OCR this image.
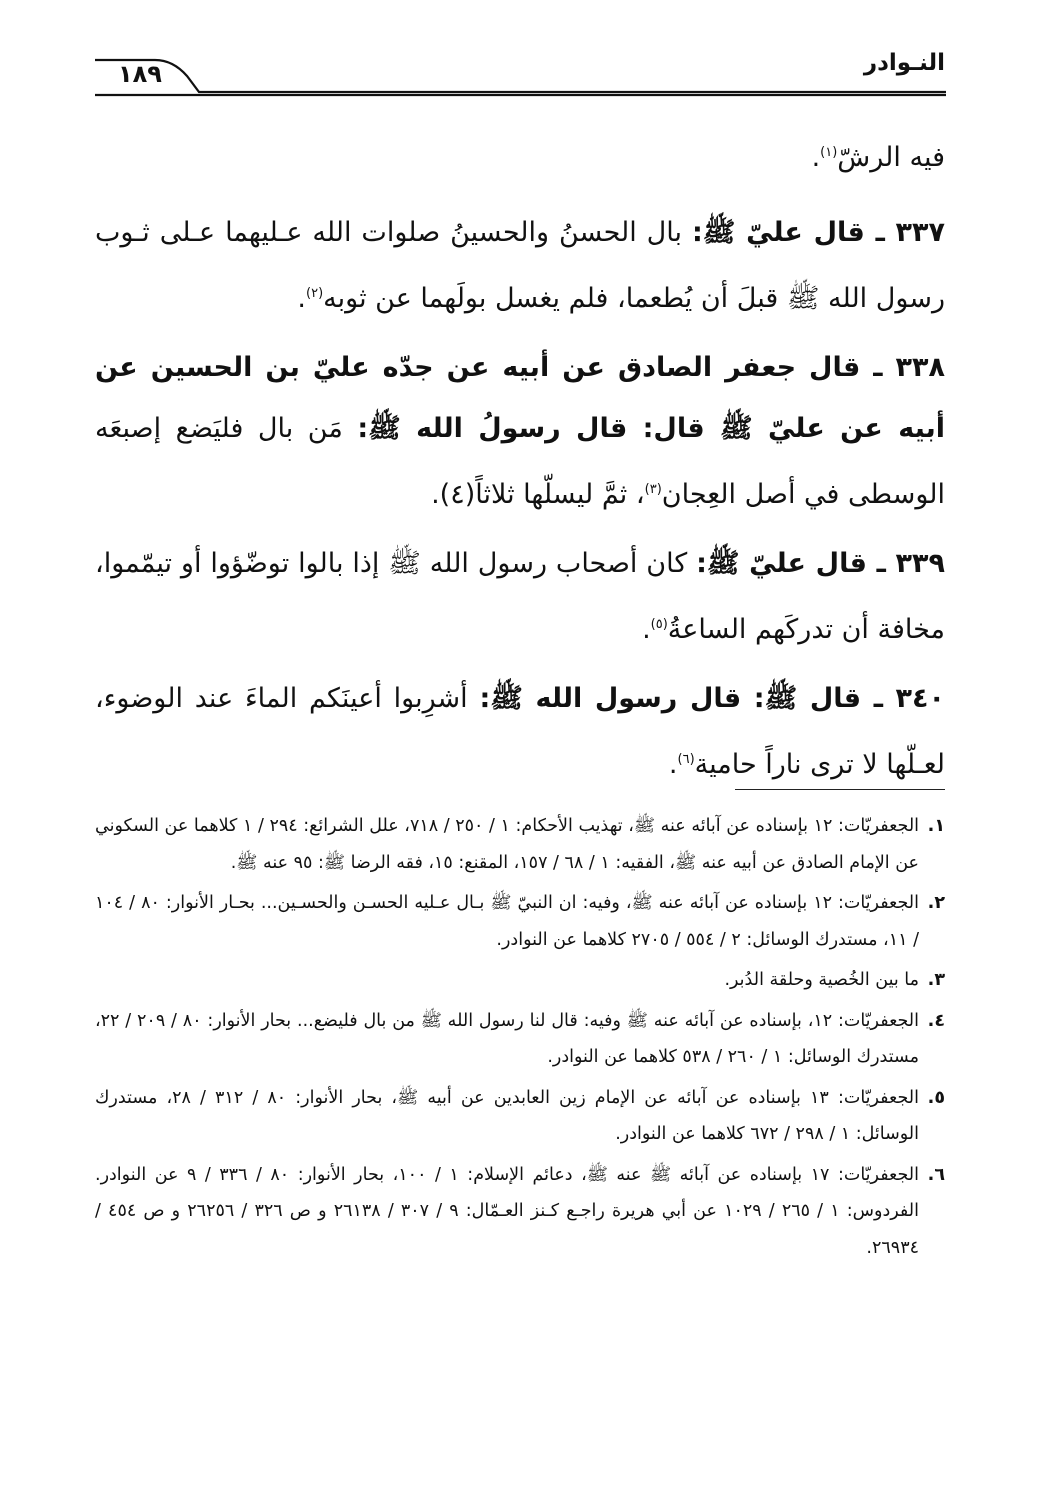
النـوادر
١٨٩

فيه الرشّ$^{(١)}$.

٣٣٧ ـ قال عليّ ﷺ: بال الحسنُ والحسينُ صلوات الله عـليهما عـلى ثـوب رسول الله ﷺ قبلَ أن يُطعما، فلم يغسل بولَهما عن ثوبه$^{(٢)}$.

٣٣٨ ـ قال جعفر الصادق عن أبيه عن جدّه عليّ بن الحسين عن أبيه عن عليّ ﷺ قال: قال رسولُ الله ﷺ: مَن بال فليَضع إصبعَه الوسطى في أصل العِجان$^{(٣)}$، ثمَّ ليسلّها ثلاثاً(٤).

٣٣٩ ـ قال عليّ ﷺ: كان أصحاب رسول الله ﷺ إذا بالوا توضّؤوا أو تيمّموا، مخافة أن تدركَهم الساعةُ$^{(٥)}$.

٣٤٠ ـ قال ﷺ: قال رسول الله ﷺ: أشرِبوا أعينَكم الماءَ عند الوضوء، لعـلّها لا ترى ناراً حامية$^{(٦)}$.

١.
الجعفريّات: ١٢ بإسناده عن آبائه عنه ﷺ، تهذيب الأحكام: ١ / ٢٥٠ / ٧١٨، علل الشرائع: ٢٩٤ / ١ كلاهما عن السكوني عن الإمام الصادق عن أبيه عنه ﷺ، الفقيه: ١ / ٦٨ / ١٥٧، المقنع: ١٥، فقه الرضا ﷺ: ٩٥ عنه ﷺ.
٢.
الجعفريّات: ١٢ بإسناده عن آبائه عنه ﷺ، وفيه: ان النبيّ ﷺ بـال عـليه الحسـن والحسـين... بحـار الأنوار: ٨٠ / ١٠٤ / ١١، مستدرك الوسائل: ٢ / ٥٥٤ / ٢٧٠٥ كلاهما عن النوادر.
٣.
ما بين الخُصية وحلقة الدُبر.
٤.
الجعفريّات: ١٢، بإسناده عن آبائه عنه ﷺ وفيه: قال لنا رسول الله ﷺ من بال فليضع... بحار الأنوار: ٨٠ / ٢٠٩ / ٢٢، مستدرك الوسائل: ١ / ٢٦٠ / ٥٣٨ كلاهما عن النوادر.
٥.
الجعفريّات: ١٣ بإسناده عن آبائه عن الإمام زين العابدين عن أبيه ﷺ، بحار الأنوار: ٨٠ / ٣١٢ / ٢٨، مستدرك الوسائل: ١ / ٢٩٨ / ٦٧٢ كلاهما عن النوادر.
٦.
الجعفريّات: ١٧ بإسناده عن آبائه ﷺ عنه ﷺ، دعائم الإسلام: ١ / ١٠٠، بحار الأنوار: ٨٠ / ٣٣٦ / ٩ عن النوادر. الفردوس: ١ / ٢٦٥ / ١٠٢٩ عن أبي هريرة راجـع كـنز العـمّال: ٩ / ٣٠٧ / ٢٦١٣٨ و ص ٣٢٦ / ٢٦٢٥٦ و ص ٤٥٤ / ٢٦٩٣٤.
